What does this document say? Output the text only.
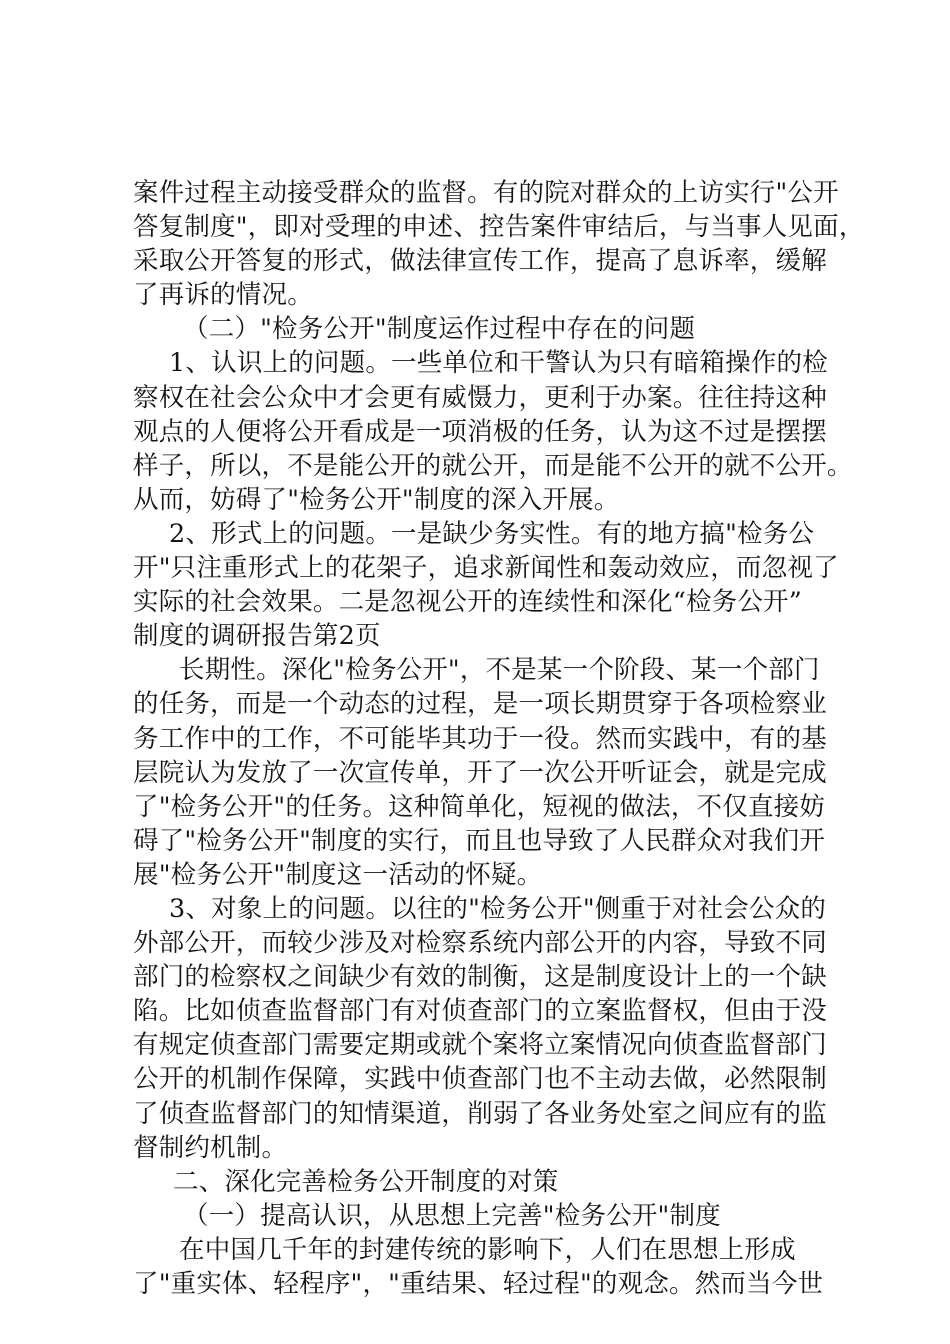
案件过程主动接受群众的监督。有的院对群众的上访实行"公开
答复制度"，即对受理的申述、控告案件审结后，与当事人见面，
采取公开答复的形式，做法律宣传工作，提高了息诉率，缓解
了再诉的情况。
（二）"检务公开"制度运作过程中存在的问题
1、认识上的问题。一些单位和干警认为只有暗箱操作的检
察权在社会公众中才会更有威慑力，更利于办案。往往持这种
观点的人便将公开看成是一项消极的任务，认为这不过是摆摆
样子，所以，不是能公开的就公开，而是能不公开的就不公开。
从而，妨碍了"检务公开"制度的深入开展。
2、形式上的问题。一是缺少务实性。有的地方搞"检务公
开"只注重形式上的花架子，追求新闻性和轰动效应，而忽视了
实际的社会效果。二是忽视公开的连续性和深化“检务公开”
制度的调研报告第2页
长期性。深化"检务公开"，不是某一个阶段、某一个部门
的任务，而是一个动态的过程，是一项长期贯穿于各项检察业
务工作中的工作，不可能毕其功于一役。然而实践中，有的基
层院认为发放了一次宣传单，开了一次公开听证会，就是完成
了"检务公开"的任务。这种简单化，短视的做法，不仅直接妨
碍了"检务公开"制度的实行，而且也导致了人民群众对我们开
展"检务公开"制度这一活动的怀疑。
3、对象上的问题。以往的"检务公开"侧重于对社会公众的
外部公开，而较少涉及对检察系统内部公开的内容，导致不同
部门的检察权之间缺少有效的制衡，这是制度设计上的一个缺
陷。比如侦查监督部门有对侦查部门的立案监督权，但由于没
有规定侦查部门需要定期或就个案将立案情况向侦查监督部门
公开的机制作保障，实践中侦查部门也不主动去做，必然限制
了侦查监督部门的知情渠道，削弱了各业务处室之间应有的监
督制约机制。
二、深化完善检务公开制度的对策
（一）提高认识，从思想上完善"检务公开"制度
在中国几千年的封建传统的影响下，人们在思想上形成
了"重实体、轻程序"，"重结果、轻过程"的观念。然而当今世
